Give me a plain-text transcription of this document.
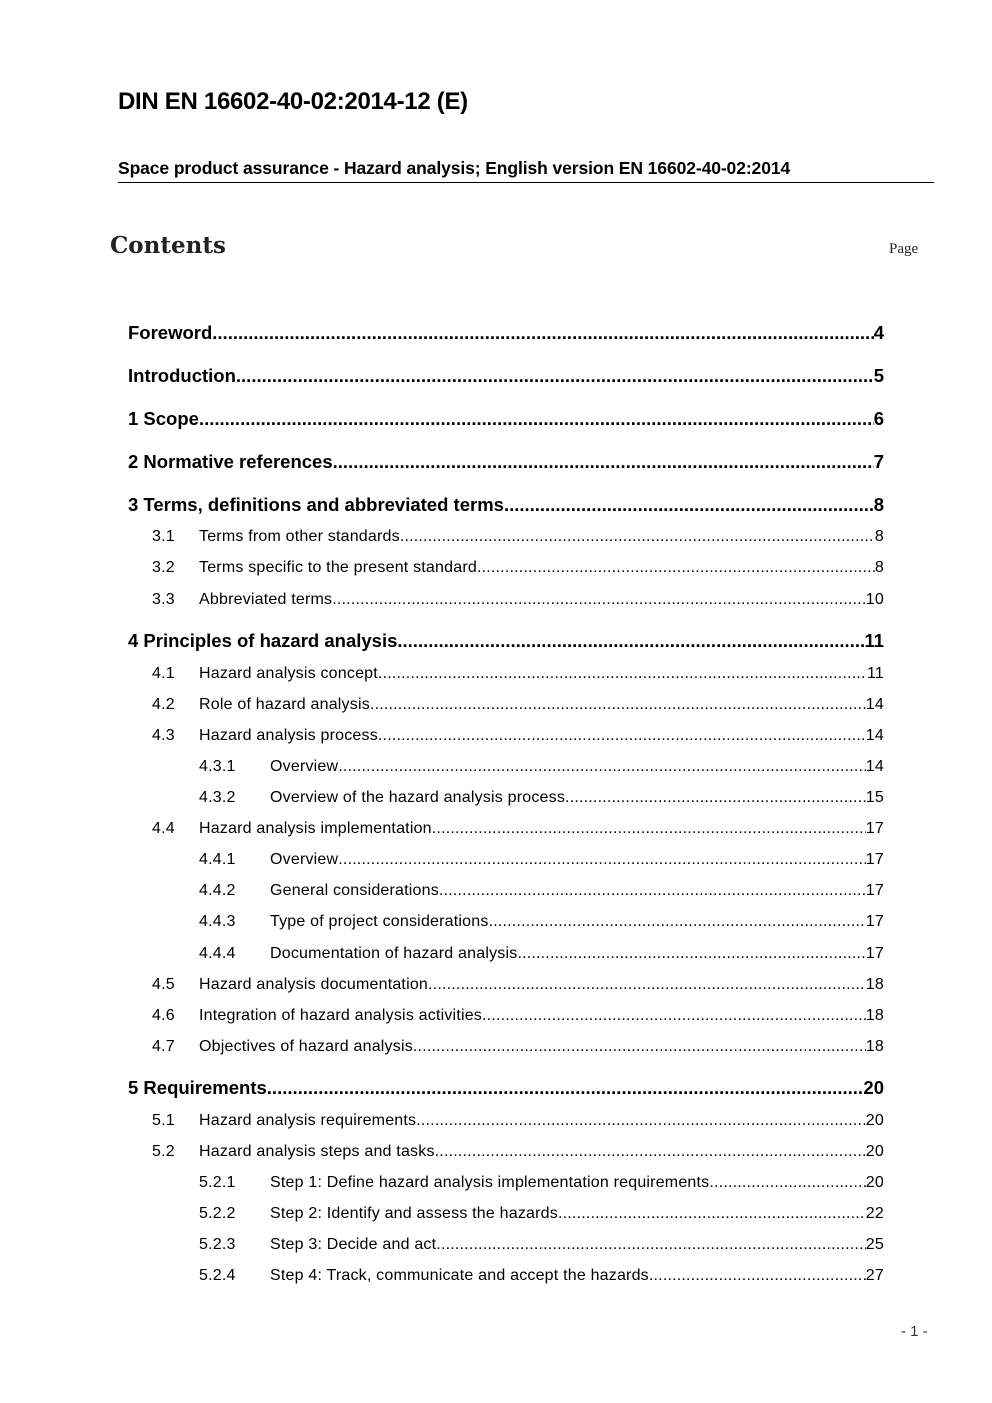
DIN EN 16602-40-02:2014-12 (E)
Space product assurance - Hazard analysis; English version EN 16602-40-02:2014
Contents	Page
Foreword .....	4
Introduction .....	5
1 Scope .....	6
2 Normative references .....	7
3 Terms, definitions and abbreviated terms .....	8
3.1	Terms from other standards .....	8
3.2	Terms specific to the present standard .....	8
3.3	Abbreviated terms .....	10
4 Principles of hazard analysis .....	11
4.1	Hazard analysis concept .....	11
4.2	Role of hazard analysis .....	14
4.3	Hazard analysis process .....	14
4.3.1	Overview .....	14
4.3.2	Overview of the hazard analysis process .....	15
4.4	Hazard analysis implementation .....	17
4.4.1	Overview .....	17
4.4.2	General considerations .....	17
4.4.3	Type of project considerations .....	17
4.4.4	Documentation of hazard analysis .....	17
4.5	Hazard analysis documentation .....	18
4.6	Integration of hazard analysis activities .....	18
4.7	Objectives of hazard analysis .....	18
5 Requirements .....	20
5.1	Hazard analysis requirements .....	20
5.2	Hazard analysis steps and tasks .....	20
5.2.1	Step 1: Define hazard analysis implementation requirements .....	20
5.2.2	Step 2: Identify and assess the hazards .....	22
5.2.3	Step 3: Decide and act .....	25
5.2.4	Step 4: Track, communicate and accept the hazards .....	27
- 1 -
